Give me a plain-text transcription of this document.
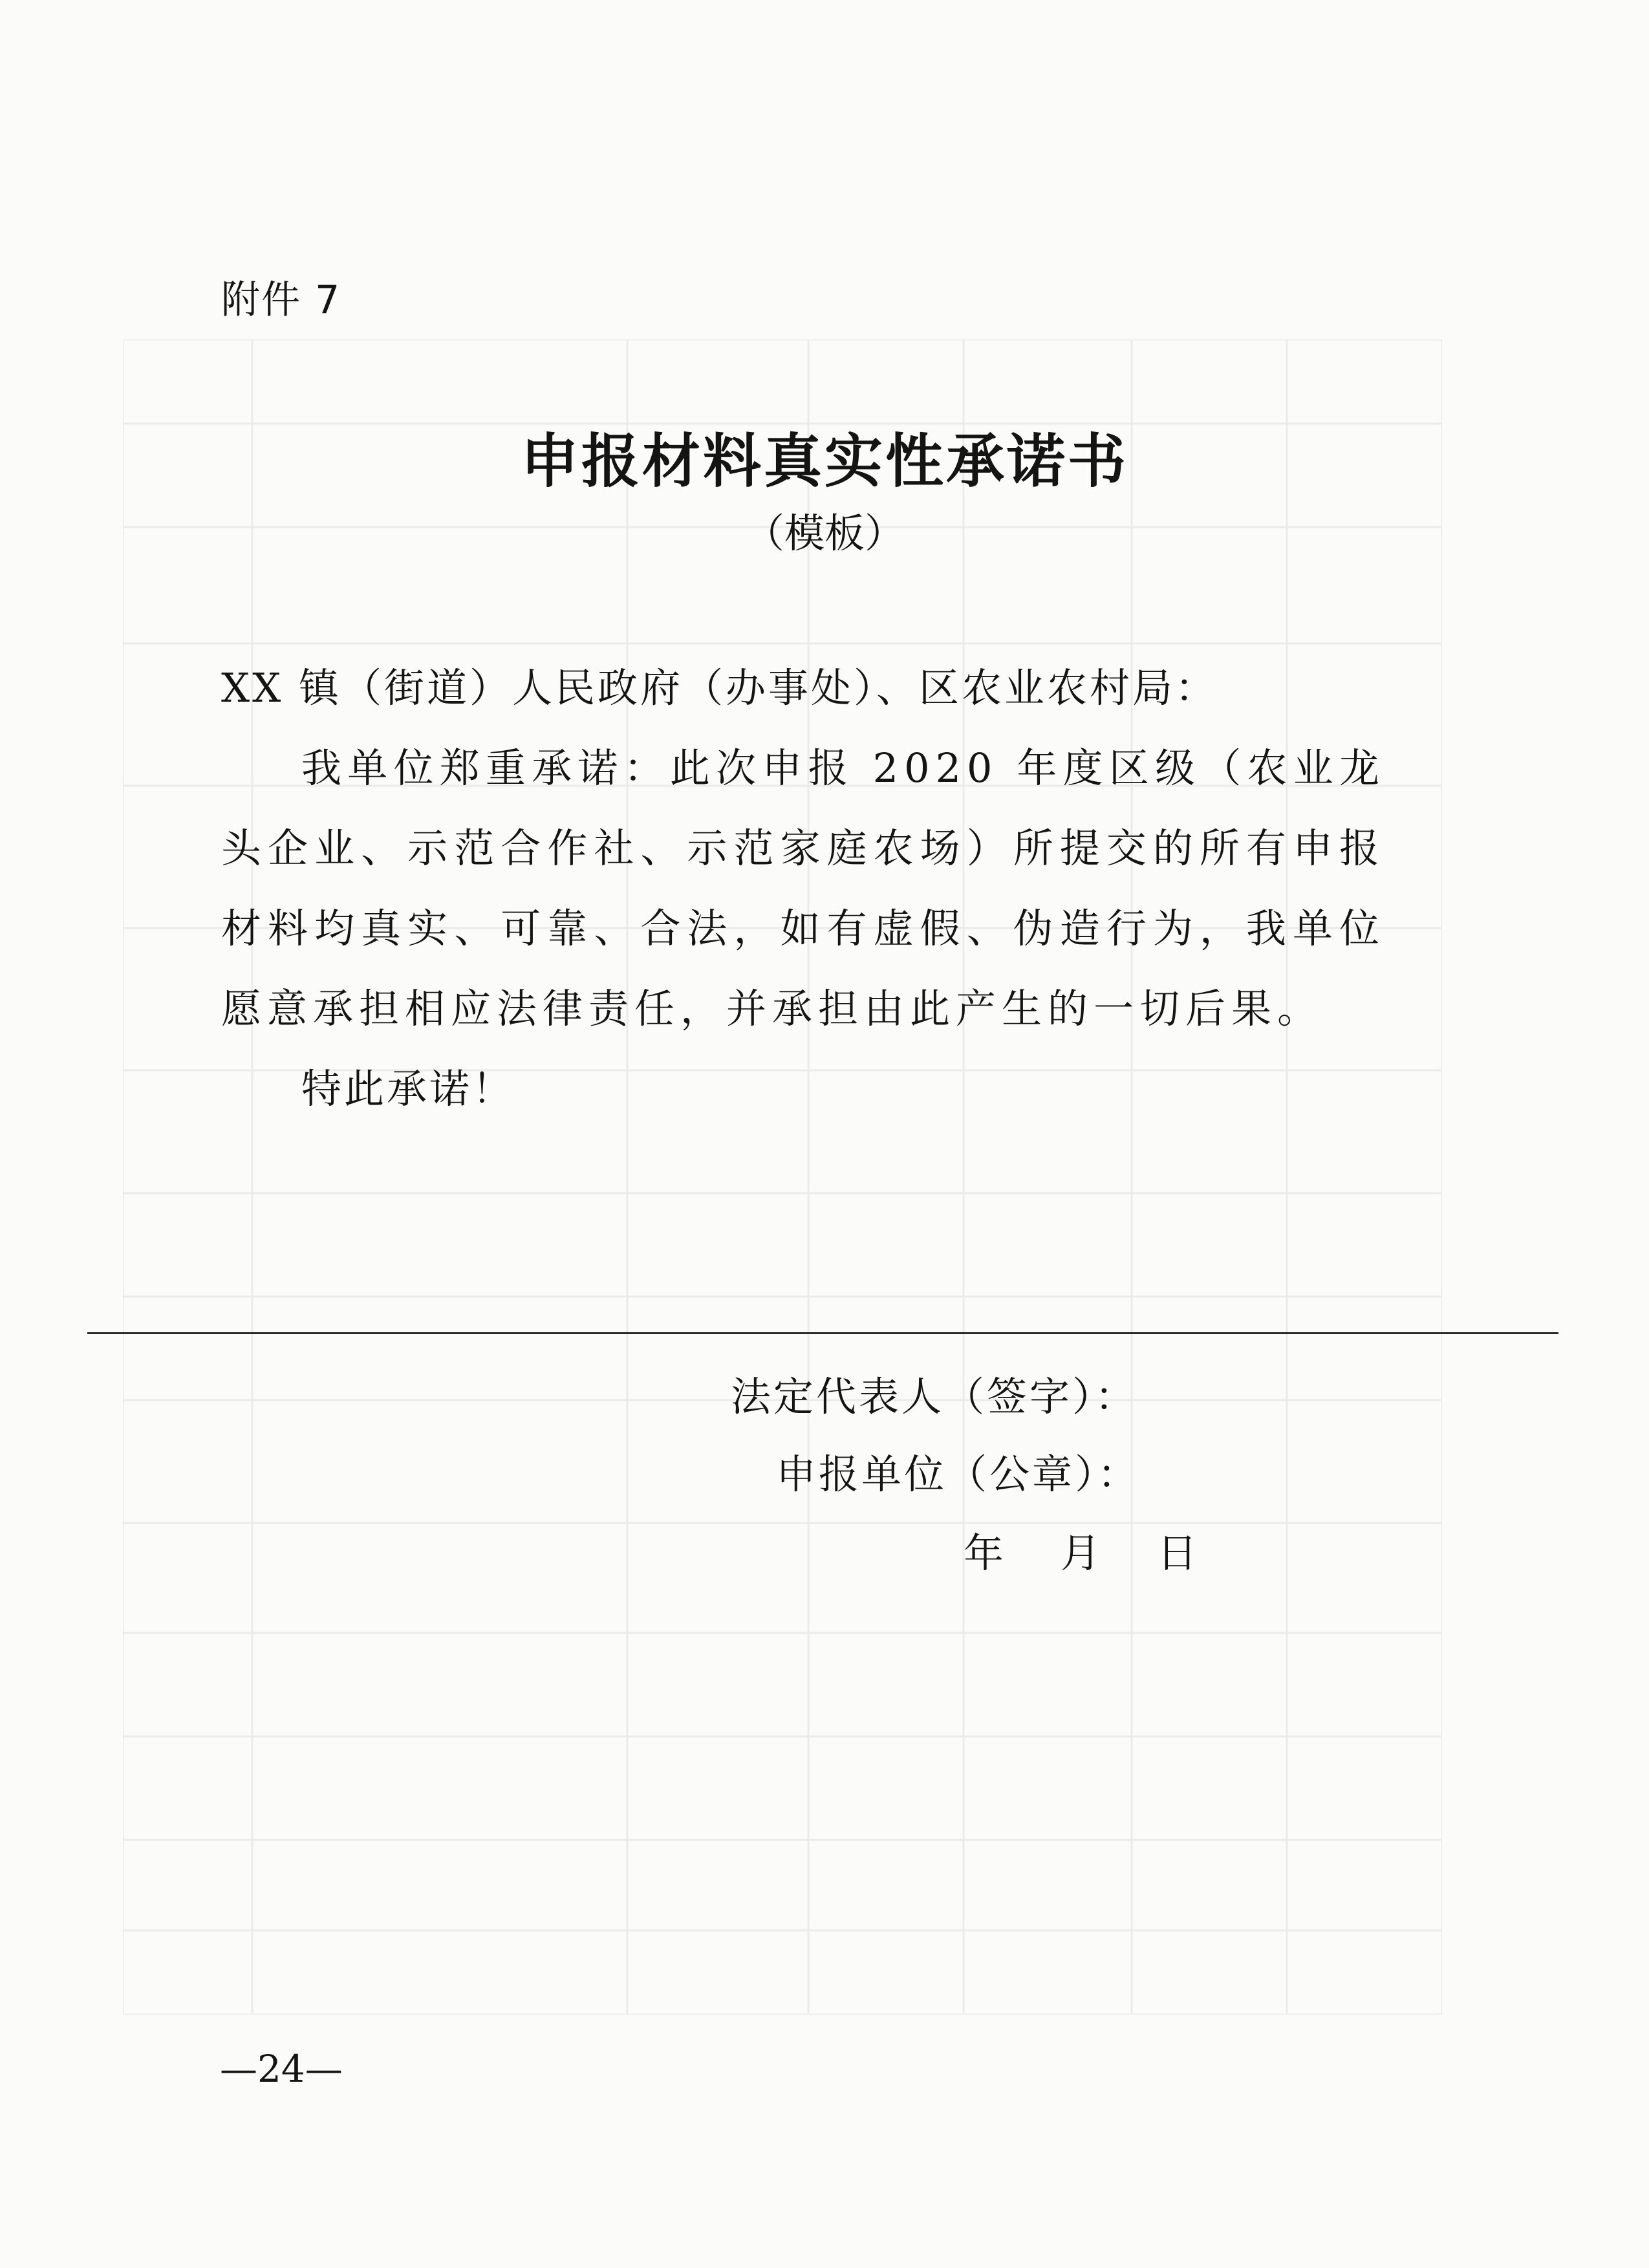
附件 7
申报材料真实性承诺书
（模板）
XX 镇（街道）人民政府（办事处）、区农业农村局：
我单位郑重承诺：此次申报 2020 年度区级（农业龙头企业、示范合作社、示范家庭农场）所提交的所有申报材料均真实、可靠、合法，如有虚假、伪造行为，我单位愿意承担相应法律责任，并承担由此产生的一切后果。
特此承诺！
法定代表人（签字）：
申报单位（公章）：
年 月 日
—24—
